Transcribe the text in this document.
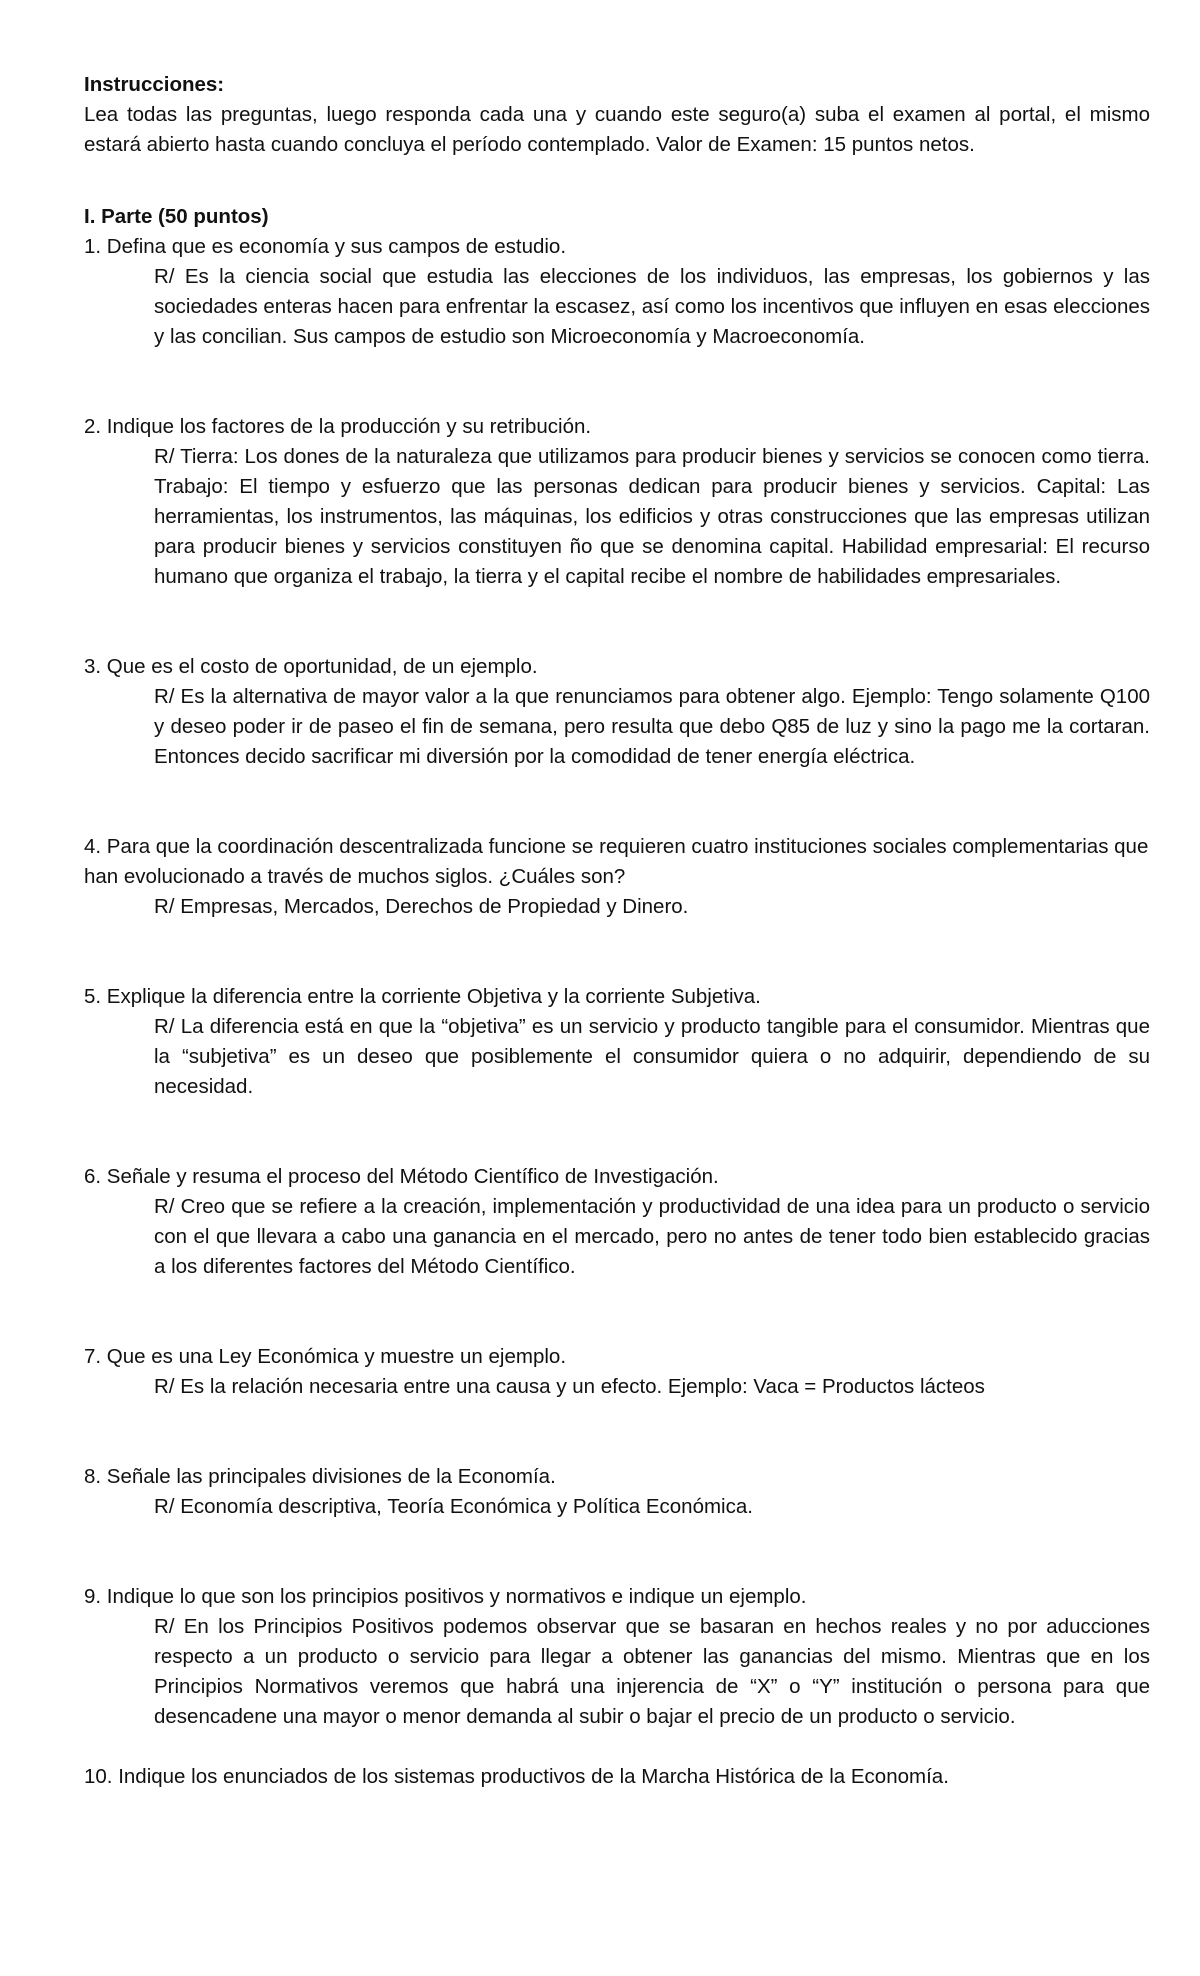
Instrucciones:

Lea todas las preguntas, luego responda cada una y cuando este seguro(a) suba el examen al portal, el mismo estará abierto hasta cuando concluya el período contemplado. Valor de Examen: 15 puntos netos.

I. Parte (50 puntos)

1. Defina que es economía y sus campos de estudio.

R/ Es la ciencia social que estudia las elecciones de los individuos, las empresas, los gobiernos y las sociedades enteras hacen para enfrentar la escasez, así como los incentivos que influyen en esas elecciones y las concilian. Sus campos de estudio son Microeconomía y Macroeconomía.

2. Indique los factores de la producción y su retribución.

R/ Tierra: Los dones de la naturaleza que utilizamos para producir bienes y servicios se conocen como tierra. Trabajo: El tiempo y esfuerzo que las personas dedican para producir bienes y servicios. Capital: Las herramientas, los instrumentos, las máquinas, los edificios y otras construcciones que las empresas utilizan para producir bienes y servicios constituyen ño que se denomina capital. Habilidad empresarial: El recurso humano que organiza el trabajo, la tierra y el capital recibe el nombre de habilidades empresariales.

3. Que es el costo de oportunidad, de un ejemplo.

R/ Es la alternativa de mayor valor a la que renunciamos para obtener algo. Ejemplo: Tengo solamente Q100 y deseo poder ir de paseo el fin de semana, pero resulta que debo Q85 de luz y sino la pago me la cortaran. Entonces decido sacrificar mi diversión por la comodidad de tener energía eléctrica.

4. Para que la coordinación descentralizada funcione se requieren cuatro instituciones sociales complementarias que han evolucionado a través de muchos siglos. ¿Cuáles son?

R/ Empresas, Mercados, Derechos de Propiedad y Dinero.

5. Explique la diferencia entre la corriente Objetiva y la corriente Subjetiva.

R/ La diferencia está en que la “objetiva” es un servicio y producto tangible para el consumidor. Mientras que la “subjetiva” es un deseo que posiblemente el consumidor quiera o no adquirir, dependiendo de su necesidad.

6. Señale y resuma el proceso del Método Científico de Investigación.

R/ Creo que se refiere a la creación, implementación y productividad de una idea para un producto o servicio con el que llevara a cabo una ganancia en el mercado, pero no antes de tener todo bien establecido gracias a los diferentes factores del Método Científico.

7. Que es una Ley Económica y muestre un ejemplo.

R/ Es la relación necesaria entre una causa y un efecto. Ejemplo: Vaca = Productos lácteos

8. Señale las principales divisiones de la Economía.

R/ Economía descriptiva, Teoría Económica y Política Económica.

9. Indique lo que son los principios positivos y normativos e indique un ejemplo.

R/ En los Principios Positivos podemos observar que se basaran en hechos reales y no por aducciones respecto a un producto o servicio para llegar a obtener las ganancias del mismo. Mientras que en los Principios Normativos veremos que habrá una injerencia de “X” o “Y” institución o persona para que desencadene una mayor o menor demanda al subir o bajar el precio de un producto o servicio.

10. Indique los enunciados de los sistemas productivos de la Marcha Histórica de la Economía.
